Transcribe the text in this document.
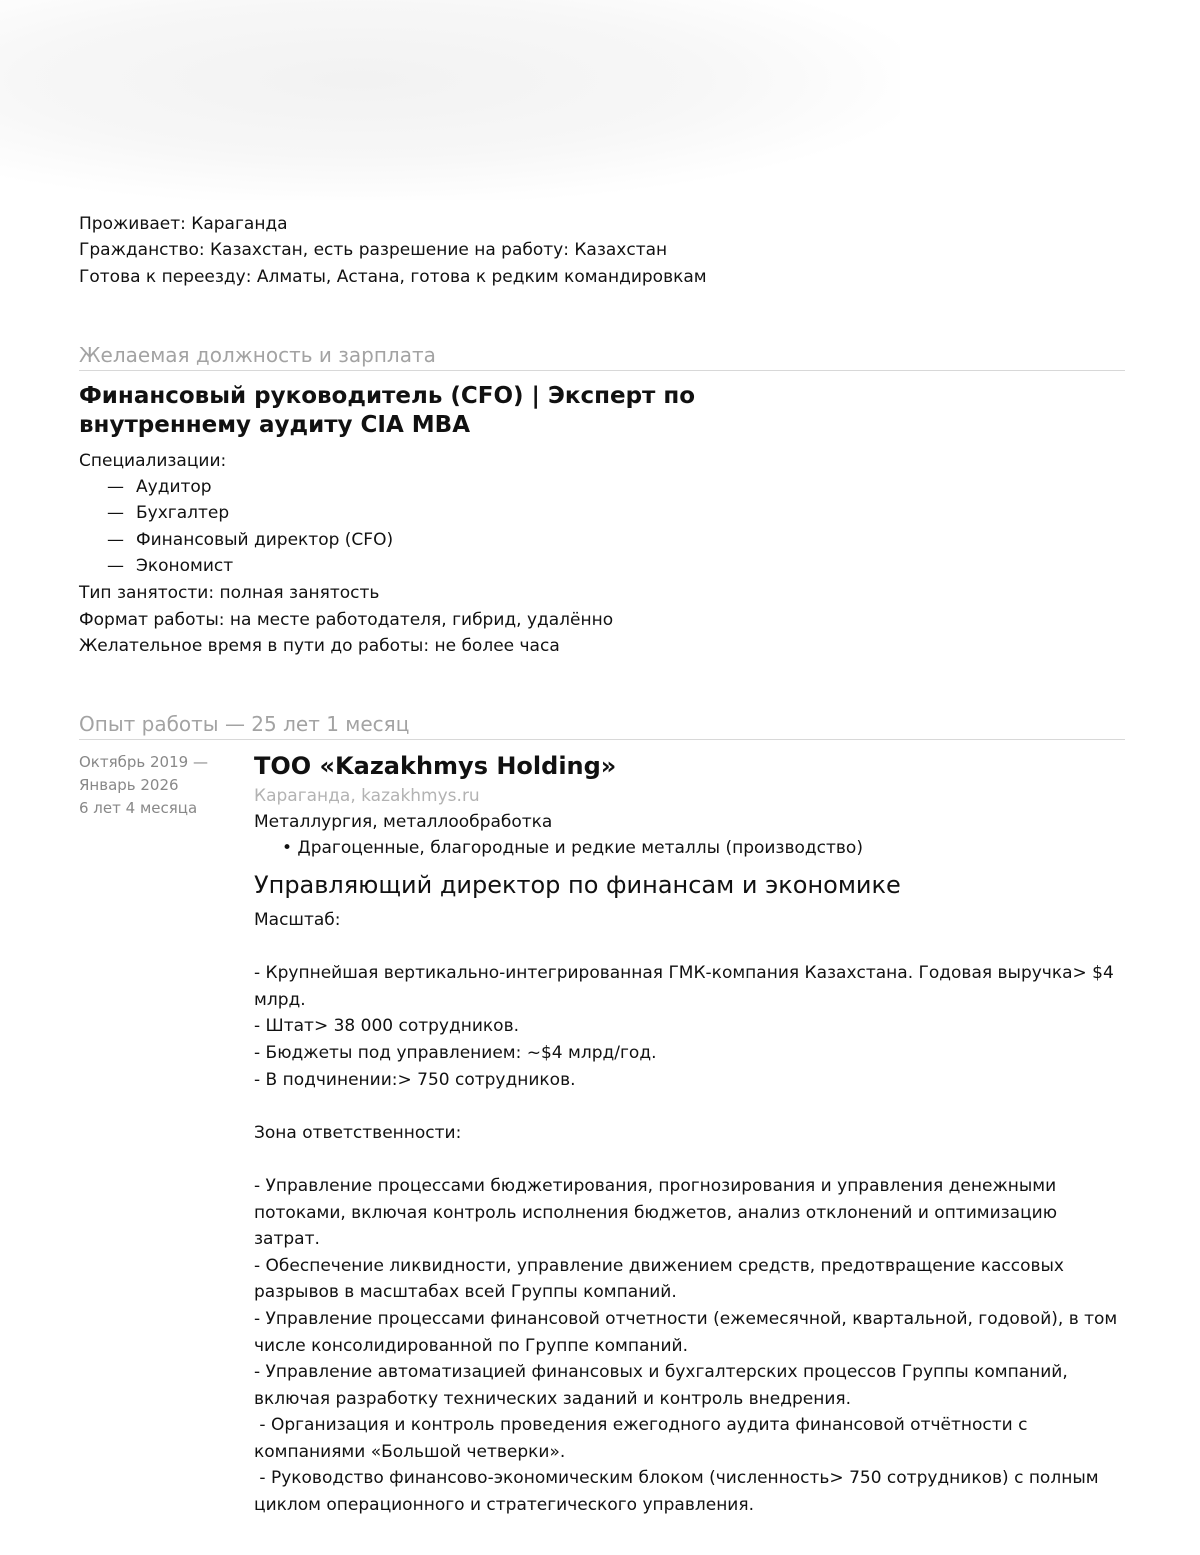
Проживает: Караганда
Гражданство: Казахстан, есть разрешение на работу: Казахстан
Готова к переезду: Алматы, Астана, готова к редким командировкам
Желаемая должность и зарплата
Финансовый руководитель (CFO) | Эксперт по внутреннему аудиту CIA MBA
Специализации:
— Аудитор
— Бухгалтер
— Финансовый директор (CFO)
— Экономист
Тип занятости: полная занятость
Формат работы: на месте работодателя, гибрид, удалённо
Желательное время в пути до работы: не более часа
Опыт работы — 25 лет 1 месяц
Октябрь 2019 —
Январь 2026
6 лет 4 месяца
ТОО «Kazakhmys Holding»
Караганда, kazakhmys.ru
Металлургия, металлообработка
• Драгоценные, благородные и редкие металлы (производство)
Управляющий директор по финансам и экономике
Масштаб:

- Крупнейшая вертикально-интегрированная ГМК-компания Казахстана. Годовая выручка> $4
млрд.
- Штат> 38 000 сотрудников.
- Бюджеты под управлением: ~$4 млрд/год.
- В подчинении:> 750 сотрудников.

Зона ответственности:

- Управление процессами бюджетирования, прогнозирования и управления денежными
потоками, включая контроль исполнения бюджетов, анализ отклонений и оптимизацию
затрат.
- Обеспечение ликвидности, управление движением средств, предотвращение кассовых
разрывов в масштабах всей Группы компаний.
- Управление процессами финансовой отчетности (ежемесячной, квартальной, годовой), в том
числе консолидированной по Группе компаний.
- Управление автоматизацией финансовых и бухгалтерских процессов Группы компаний,
включая разработку технических заданий и контроль внедрения.
- Организация и контроль проведения ежегодного аудита финансовой отчётности с
компаниями «Большой четверки».
- Руководство финансово-экономическим блоком (численность> 750 сотрудников) с полным
циклом операционного и стратегического управления.
